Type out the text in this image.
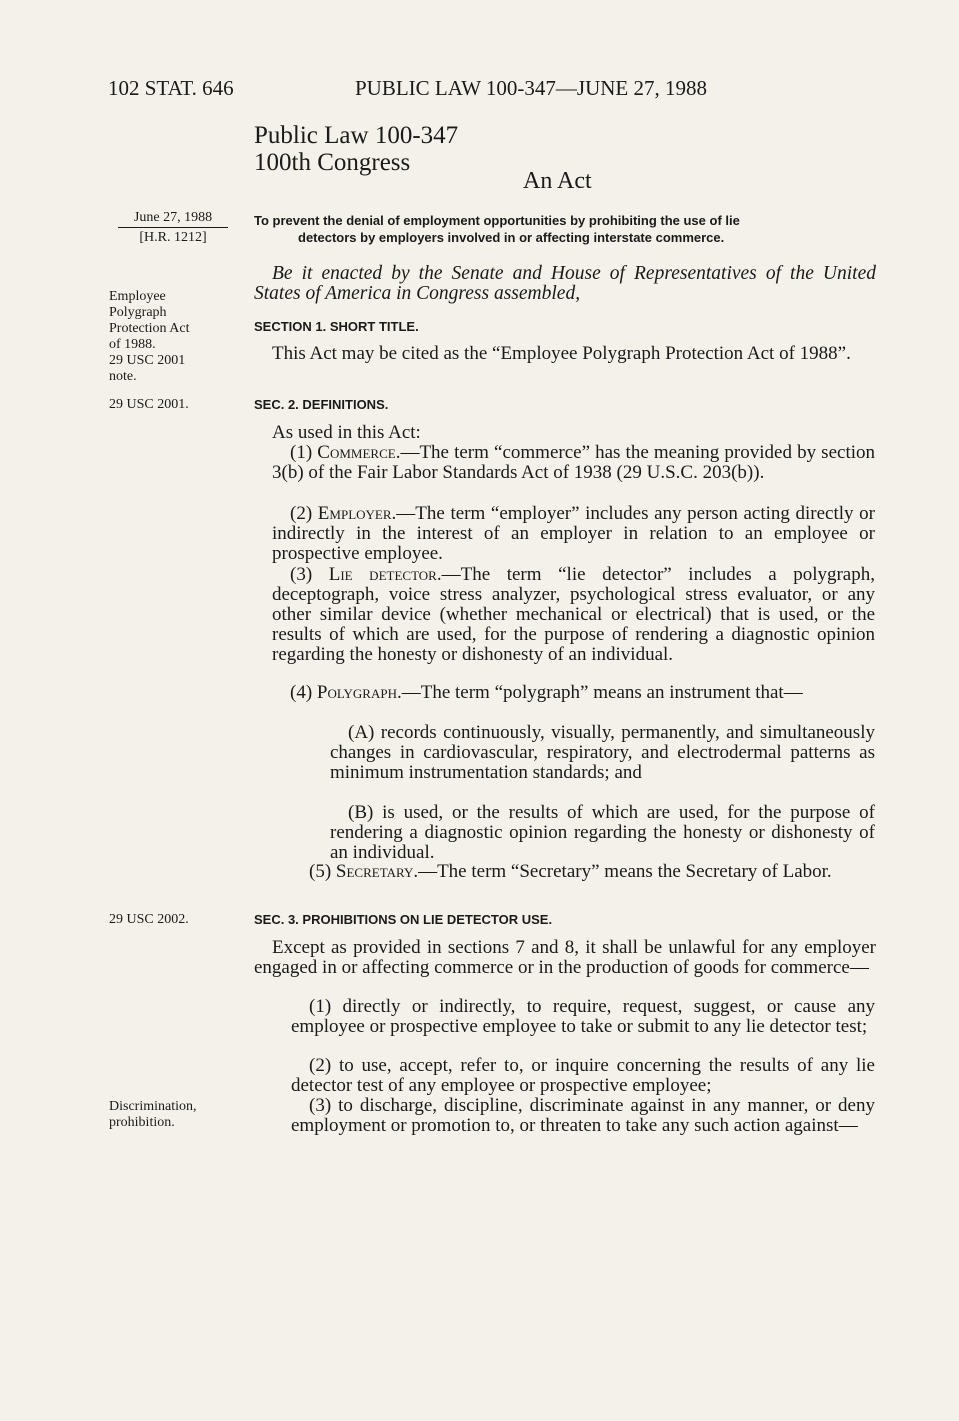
102 STAT. 646	PUBLIC LAW 100-347—JUNE 27, 1988
Public Law 100-347
100th Congress
An Act
June 27, 1988
[H.R. 1212]
To prevent the denial of employment opportunities by prohibiting the use of lie
detectors by employers involved in or affecting interstate commerce.
Be it enacted by the Senate and House of Representatives of the United States of America in Congress assembled,
Employee
Polygraph
Protection Act
of 1988.
29 USC 2001
note.
SECTION 1. SHORT TITLE.
This Act may be cited as the “Employee Polygraph Protection Act of 1988”.
29 USC 2001.	SEC. 2. DEFINITIONS.
As used in this Act:
(1) Commerce.—The term “commerce” has the meaning provided by section 3(b) of the Fair Labor Standards Act of 1938 (29 U.S.C. 203(b)).
(2) Employer.—The term “employer” includes any person acting directly or indirectly in the interest of an employer in relation to an employee or prospective employee.
(3) Lie detector.—The term “lie detector” includes a polygraph, deceptograph, voice stress analyzer, psychological stress evaluator, or any other similar device (whether mechanical or electrical) that is used, or the results of which are used, for the purpose of rendering a diagnostic opinion regarding the honesty or dishonesty of an individual.
(4) Polygraph.—The term “polygraph” means an instrument that—
(A) records continuously, visually, permanently, and simultaneously changes in cardiovascular, respiratory, and electrodermal patterns as minimum instrumentation standards; and
(B) is used, or the results of which are used, for the purpose of rendering a diagnostic opinion regarding the honesty or dishonesty of an individual.
(5) Secretary.—The term “Secretary” means the Secretary of Labor.
29 USC 2002.	SEC. 3. PROHIBITIONS ON LIE DETECTOR USE.
Except as provided in sections 7 and 8, it shall be unlawful for any employer engaged in or affecting commerce or in the production of goods for commerce—
(1) directly or indirectly, to require, request, suggest, or cause any employee or prospective employee to take or submit to any lie detector test;
(2) to use, accept, refer to, or inquire concerning the results of any lie detector test of any employee or prospective employee;
(3) to discharge, discipline, discriminate against in any manner, or deny employment or promotion to, or threaten to take any such action against—
Discrimination,
prohibition.
